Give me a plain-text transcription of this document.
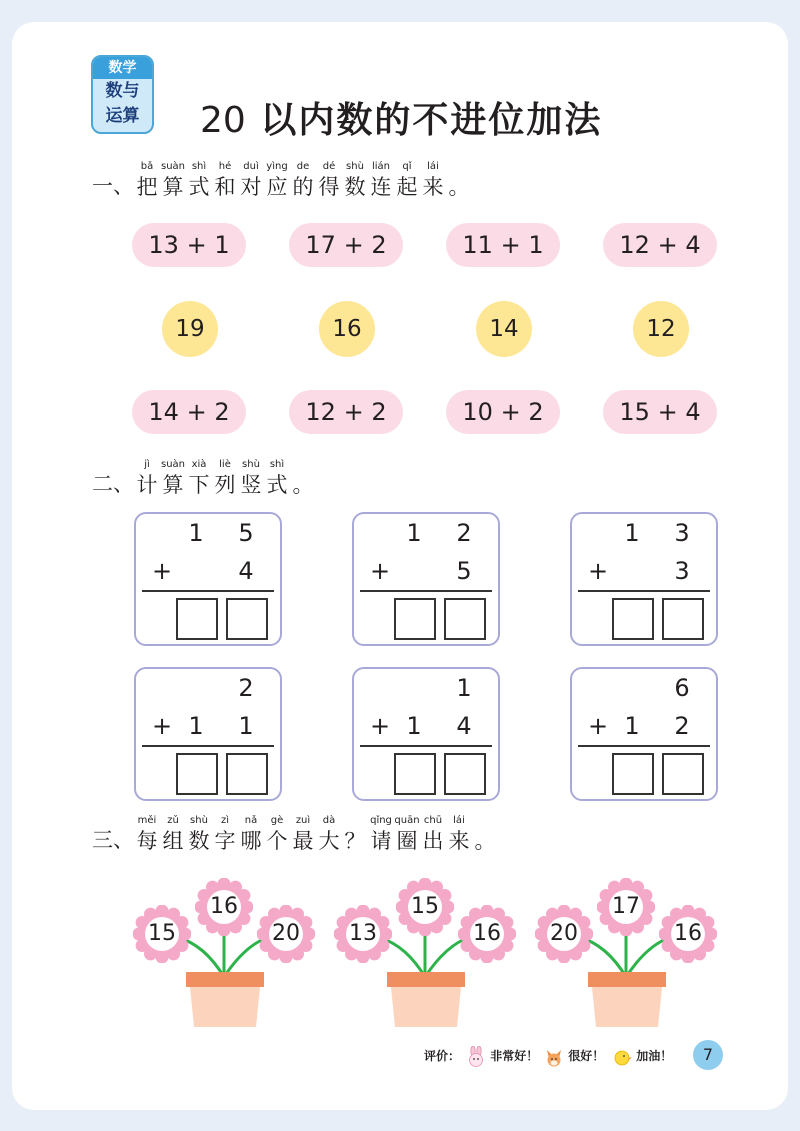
数学
数与
运算	20 以内数的不进位加法
一、
bǎ
把
suàn
算
shì
式
hé
和
duì
对
yìng
应
de
的
dé
得
shù
数
lián
连
qǐ
起
lái
来 。
13 + 1	17 + 2	11 + 1	12 + 4
19	16	14	12
14 + 2	12 + 2	10 + 2	15 + 4
二、
jì
计
suàn
算
xià
下
liè
列
shù
竖
shì
式 。
1 5
+	4
1 2
+	5
1 3
+	3
2
+ 1 1
1
+ 1 4
6
+ 1 2
三、
měi
每
zǔ
组
shù
数
zì
字
nǎ
哪
gè
个
zuì
最
dà
大 ？
qǐng
请
quān
圈
chū
出
lái
来 。
15
16
20	13
15
16	20
17
16
评价：	非常好！	很好！	加油！	7
